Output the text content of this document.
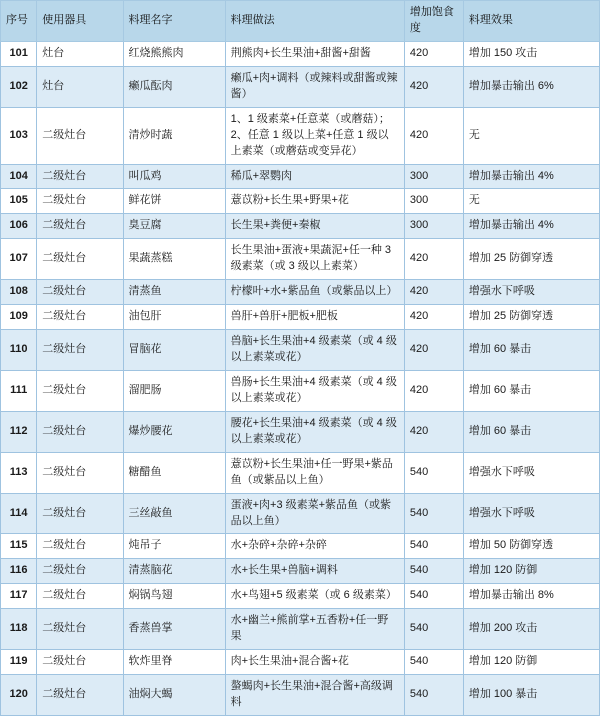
序号	使用器具	料理名字	料理做法	增加饱食度	料理效果
101	灶台	红烧熊熊肉	荆熊肉+长生果油+甜酱+甜酱	420	增加 150 攻击
102	灶台	癞瓜酝肉	癞瓜+肉+调料（或辣料或甜酱或辣酱）	420	增加暴击输出 6%
103	二级灶台	清炒时蔬	1、1 级素菜+任意菜（或蘑菇）；2、任意 1 级以上菜+任意 1 级以上素菜（或蘑菇或变异花）	420	无
104	二级灶台	叫瓜鸡	稀瓜+翠鹦肉	300	增加暴击输出 4%
105	二级灶台	鲜花饼	薏苡粉+长生果+野果+花	300	无
106	二级灶台	臭豆腐	长生果+粪便+秦椒	300	增加暴击输出 4%
107	二级灶台	果蔬蒸糕	长生果油+蛋液+果蔬泥+任一种 3 级素菜（或 3 级以上素菜）	420	增加 25 防御穿透
108	二级灶台	清蒸鱼	柠檬叶+水+紫品鱼（或紫品以上）	420	增强水下呼吸
109	二级灶台	油包肝	兽肝+兽肝+肥板+肥板	420	增加 25 防御穿透
110	二级灶台	冒脑花	兽脑+长生果油+4 级素菜（或 4 级以上素菜或花）	420	增加 60 暴击
111	二级灶台	溜肥肠	兽肠+长生果油+4 级素菜（或 4 级以上素菜或花）	420	增加 60 暴击
112	二级灶台	爆炒腰花	腰花+长生果油+4 级素菜（或 4 级以上素菜或花）	420	增加 60 暴击
113	二级灶台	糖醋鱼	薏苡粉+长生果油+任一野果+紫品鱼（或紫品以上鱼）	540	增强水下呼吸
114	二级灶台	三丝敲鱼	蛋液+肉+3 级素菜+紫品鱼（或紫品以上鱼）	540	增强水下呼吸
115	二级灶台	炖吊子	水+杂碎+杂碎+杂碎	540	增加 50 防御穿透
116	二级灶台	清蒸脑花	水+长生果+兽脑+调料	540	增加 120 防御
117	二级灶台	焖锅鸟翅	水+鸟翅+5 级素菜（或 6 级素菜）	540	增加暴击输出 8%
118	二级灶台	香蒸兽掌	水+幽兰+熊前掌+五香粉+任一野果	540	增加 200 攻击
119	二级灶台	软炸里脊	肉+长生果油+混合酱+花	540	增加 120 防御
120	二级灶台	油焖大蝎	螯蝎肉+长生果油+混合酱+高级调料	540	增加 100 暴击
